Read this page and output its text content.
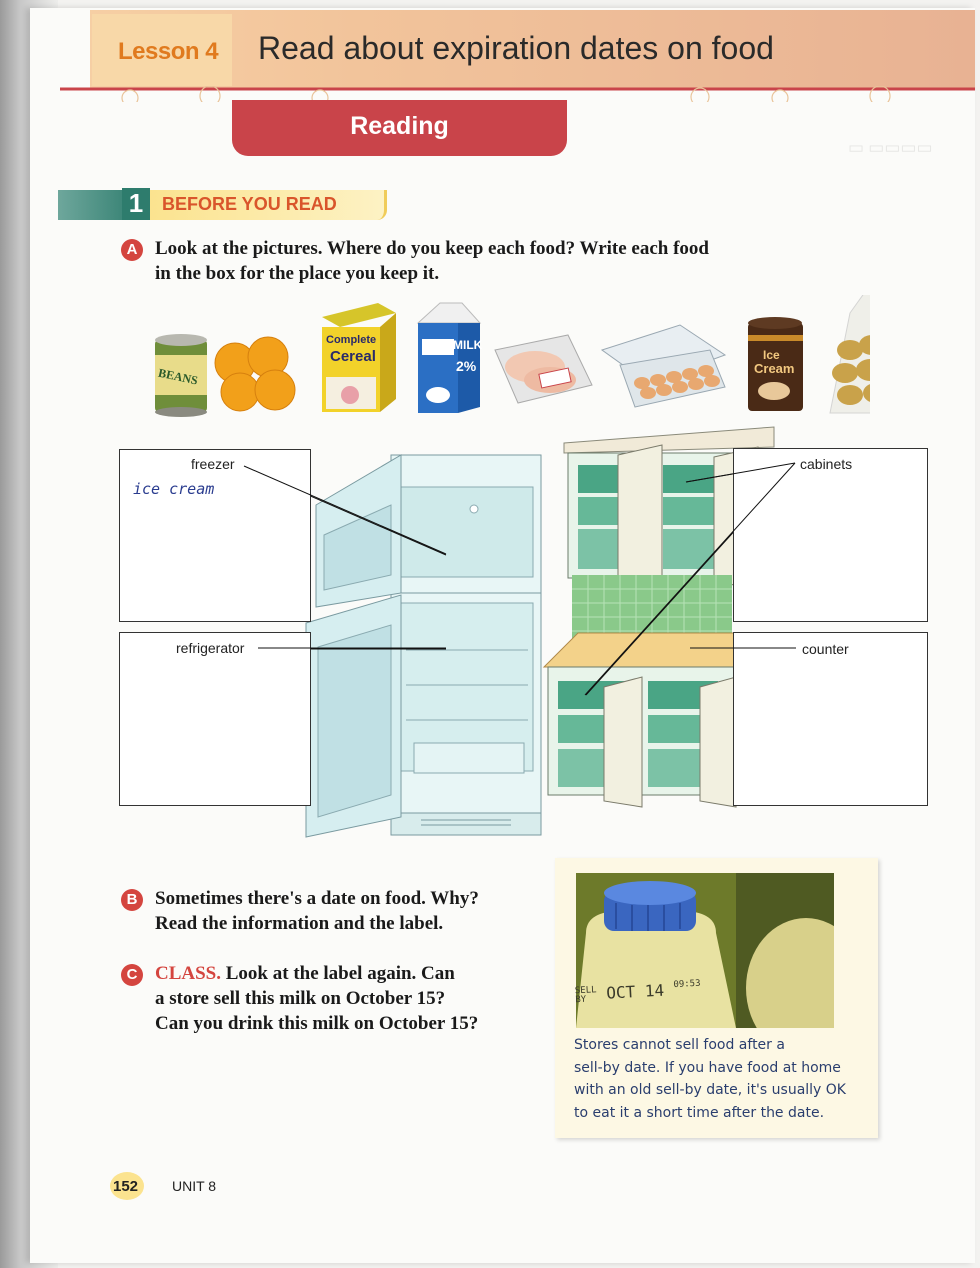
▭ ▭▭▭▭
Lesson 4 Read about expiration dates on food
Reading
1	BEFORE YOU READ
A Look at the pictures. Where do you keep each food? Write each food
in the box for the place you keep it.
BEANS
Complete
Cereal
MILK
2%
Ice
Cream
freezer
ice cream
refrigerator
cabinets
counter
B Sometimes there's a date on food. Why?
Read the information and the label.
C CLASS. Look at the label again. Can
a store sell this milk on October 15?
Can you drink this milk on October 15?
SELL
BY OCT 14 $^{09:53}$
Stores cannot sell food after a
sell-by date. If you have food at home
with an old sell-by date, it's usually OK
to eat it a short time after the date.
152 UNIT 8
